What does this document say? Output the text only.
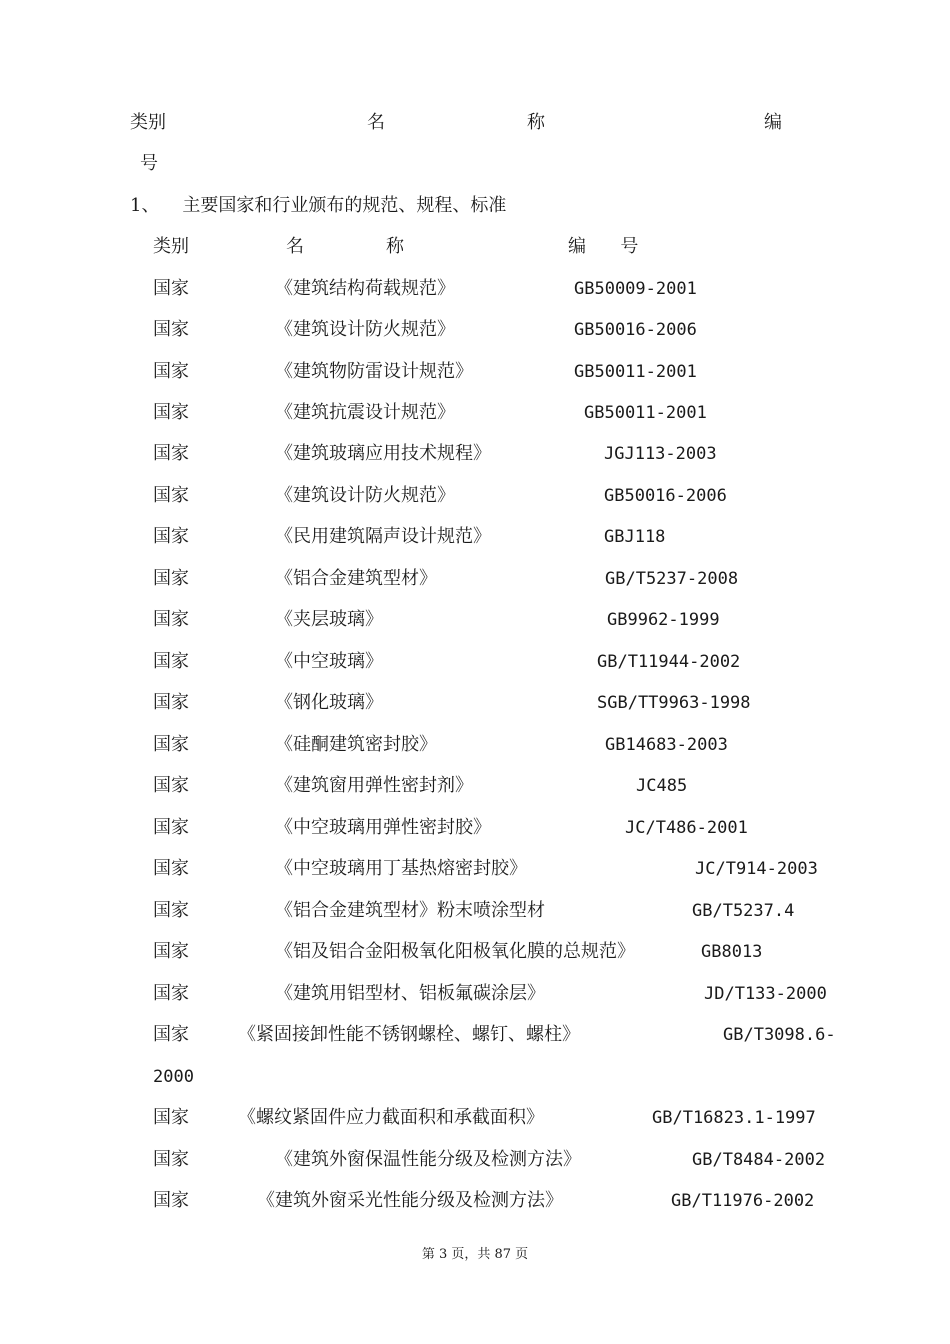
类别	名	称	编
号
1、    主要国家和行业颁布的规范、规程、标准
类别	名	称	编      号
国家	《建筑结构荷载规范》	GB50009-2001
国家	《建筑设计防火规范》	GB50016-2006
国家	《建筑物防雷设计规范》	GB50011-2001
国家	《建筑抗震设计规范》	GB50011-2001
国家	《建筑玻璃应用技术规程》	JGJ113-2003
国家	《建筑设计防火规范》	GB50016-2006
国家	《民用建筑隔声设计规范》	GBJ118
国家	《铝合金建筑型材》	GB/T5237-2008
国家	《夹层玻璃》	GB9962-1999
国家	《中空玻璃》	GB/T11944-2002
国家	《钢化玻璃》	SGB/TT9963-1998
国家	《硅酮建筑密封胶》	GB14683-2003
国家	《建筑窗用弹性密封剂》	JC485
国家	《中空玻璃用弹性密封胶》	JC/T486-2001
国家	《中空玻璃用丁基热熔密封胶》	JC/T914-2003
国家	《铝合金建筑型材》粉末喷涂型材	GB/T5237.4
国家	《铝及铝合金阳极氧化阳极氧化膜的总规范》	GB8013
国家	《建筑用铝型材、铝板氟碳涂层》	JD/T133-2000
国家	《紧固接卸性能不锈钢螺栓、螺钉、螺柱》	GB/T3098.6-
2000
国家	《螺纹紧固件应力截面积和承截面积》	GB/T16823.1-1997
国家	《建筑外窗保温性能分级及检测方法》	GB/T8484-2002
国家	《建筑外窗采光性能分级及检测方法》	GB/T11976-2002
第 3 页，共 87 页
